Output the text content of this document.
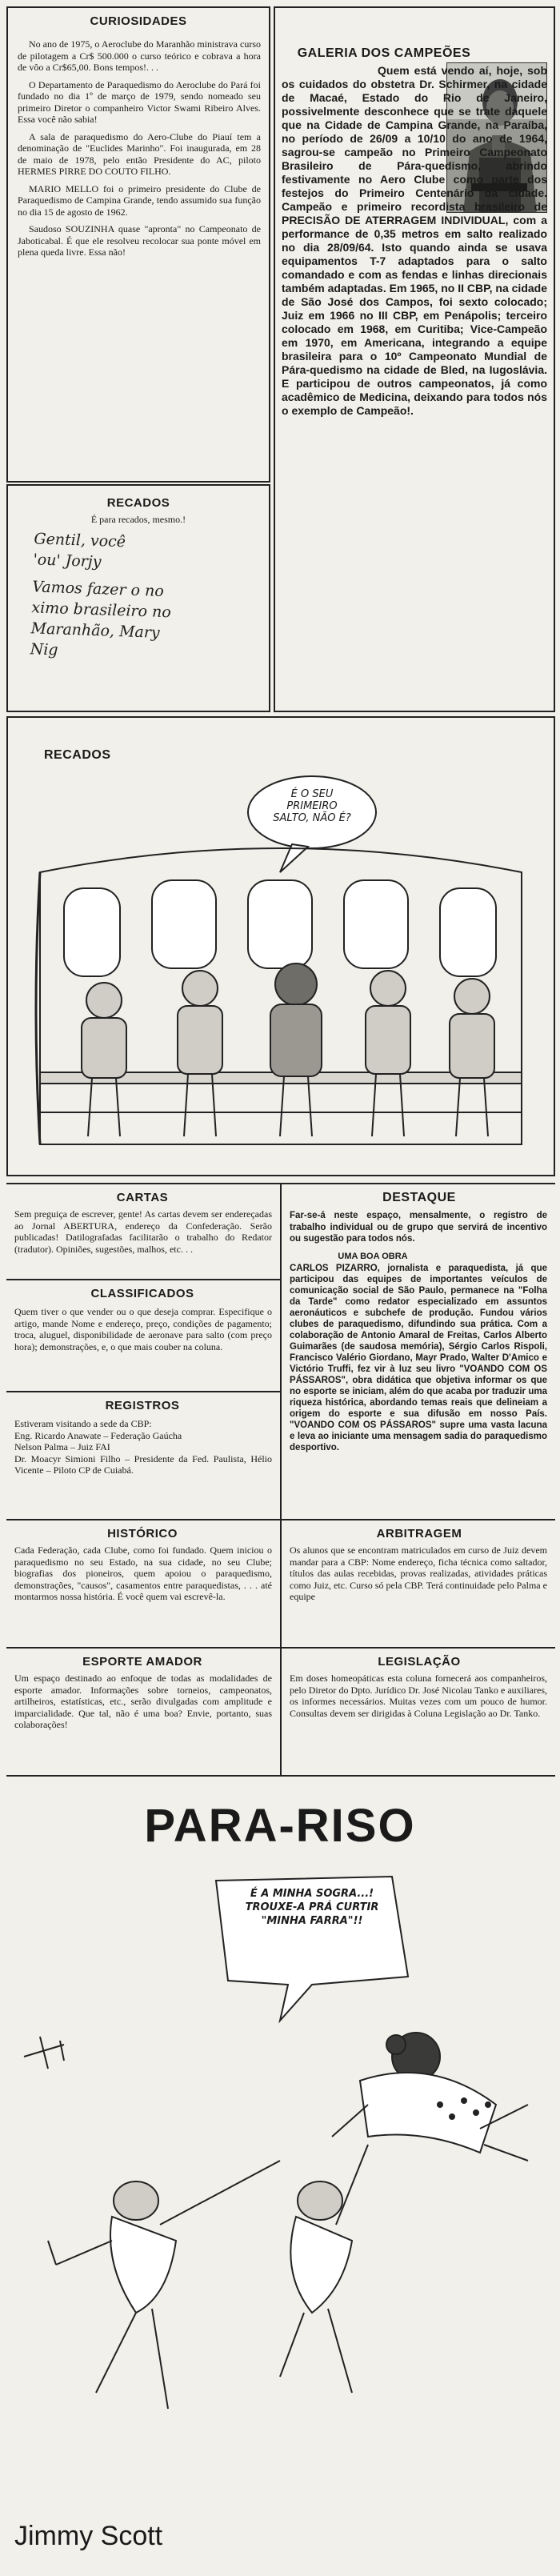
CURIOSIDADES

No ano de 1975, o Aeroclube do Maranhão ministrava curso de pilotagem a Cr$ 500.000 o curso teórico e cobrava a hora de vôo a Cr$65,00. Bons tempos!. . .

O Departamento de Paraquedismo do Aeroclube do Pará foi fundado no dia 1º de março de 1979, sendo nomeado seu primeiro Diretor o companheiro Victor Swami Ribeiro Alves. Essa você não sabia!

A sala de paraquedismo do Aero-Clube do Piauí tem a denominação de "Euclides Marinho". Foi inaugurada, em 28 de maio de 1978, pelo então Presidente do AC, piloto HERMES PIRRE DO COUTO FILHO.

MARIO MELLO foi o primeiro presidente do Clube de Paraquedismo de Campina Grande, tendo assumido sua função no dia 15 de agosto de 1962.

Saudoso SOUZINHA quase "apronta" no Campeonato de Jaboticabal. É que ele resolveu recolocar sua ponte móvel em plena queda livre. Essa não!

RECADOS
É para recados, mesmo.!
Gentil, você
'ou' Jorjy
Vamos fazer o no
ximo brasileiro no
Maranhão, Mary
Nig
GALERIA DOS CAMPEÕES
Quem está vendo aí, hoje, sob os cuidados do obstetra Dr. Schirmer, na cidade de Macaé, Estado do Rio de Janeiro, possivelmente desconhece que se trate daquele que na Cidade de Campina Grande, na Paraíba, no período de 26/09 a 10/10 do ano de 1964, sagrou-se campeão no Primeiro Campeonato Brasileiro de Pára-quedismo, abrindo festivamente no Aero Clube como parte dos festejos do Primeiro Centenário da cidade. Campeão e primeiro recordista brasileiro de PRECISÃO DE ATERRAGEM INDIVIDUAL, com a performance de 0,35 metros em salto realizado no dia 28/09/64. Isto quando ainda se usava equipamentos T-7 adaptados para o salto comandado e com as fendas e linhas direcionais também adaptadas. Em 1965, no II CBP, na cidade de São José dos Campos, foi sexto colocado; Juiz em 1966 no III CBP, em Penápolis; terceiro colocado em 1968, em Curitiba; Vice-Campeão em 1970, em Americana, integrando a equipe brasileira para o 10º Campeonato Mundial de Pára-quedismo na cidade de Bled, na Iugoslávia. E participou de outros campeonatos, já como acadêmico de Medicina, deixando para todos nós o exemplo de Campeão!.
RECADOS
É O SEU PRIMEIRO SALTO, NÃO É?
CARTAS
Sem preguiça de escrever, gente! As cartas devem ser endereçadas ao Jornal ABERTURA, endereço da Confederação. Serão publicadas! Datilografadas facilitarão o trabalho do Redator (tradutor). Opiniões, sugestões, malhos, etc. . .
CLASSIFICADOS
Quem tiver o que vender ou o que deseja comprar. Especifique o artigo, mande Nome e endereço, preço, condições de pagamento; troca, aluguel, disponibilidade de aeronave para salto (com preço hora); demonstrações, e, o que mais couber na coluna.
REGISTROS
Estiveram visitando a sede da CBP:
Eng. Ricardo Anawate – Federação Gaúcha
Nelson Palma – Juiz FAI
Dr. Moacyr Simioni Filho – Presidente da Fed. Paulista, Hélio Vicente – Piloto CP de Cuiabá.
DESTAQUE
Far-se-á neste espaço, mensalmente, o registro de trabalho individual ou de grupo que servirá de incentivo ou sugestão para todos nós.
UMA BOA OBRA
CARLOS PIZARRO, jornalista e paraquedista, já que participou das equipes de importantes veículos de comunicação social de São Paulo, permanece na "Folha da Tarde" como redator especializado em assuntos aeronáuticos e subchefe de produção. Fundou vários clubes de paraquedismo, difundindo sua prática. Com a colaboração de Antonio Amaral de Freitas, Carlos Alberto Guimarães (de saudosa memória), Sérgio Carlos Rispoli, Francisco Valério Giordano, Mayr Prado, Walter D'Amico e Victório Truffi, fez vir à luz seu livro "VOANDO COM OS PÁSSAROS", obra didática que objetiva informar os que no esporte se iniciam, além do que acaba por traduzir uma riqueza histórica, abordando temas reais que delineiam a origem do esporte e sua difusão em nosso País. "VOANDO COM OS PÁSSAROS" supre uma vasta lacuna e leva ao iniciante uma mensagem sadia do paraquedismo desportivo.
HISTÓRICO
Cada Federação, cada Clube, como foi fundado. Quem iniciou o paraquedismo no seu Estado, na sua cidade, no seu Clube; biografias dos pioneiros, quem apoiou o paraquedismo, demonstrações, "causos", casamentos entre paraquedistas, . . . até montarmos nossa história. É você quem vai escrevê-la.
ARBITRAGEM
Os alunos que se encontram matriculados em curso de Juiz devem mandar para a CBP: Nome endereço, ficha técnica como saltador, títulos das aulas recebidas, provas realizadas, atividades práticas como Juiz, etc. Curso só pela CBP. Terá continuidade pelo Palma e equipe
ESPORTE AMADOR
Um espaço destinado ao enfoque de todas as modalidades de esporte amador. Informações sobre torneios, campeonatos, artilheiros, estatísticas, etc., serão divulgadas com amplitude e imparcialidade. Que tal, não é uma boa? Envie, portanto, suas colaborações!
LEGISLAÇÃO
Em doses homeopáticas esta coluna fornecerá aos companheiros, pelo Diretor do Dpto. Jurídico Dr. José Nicolau Tanko e auxiliares, os informes necessários. Muitas vezes com um pouco de humor. Consultas devem ser dirigidas à Coluna Legislação ao Dr. Tanko.
PARA-RISO
É A MINHA SOGRA...! TROUXE-A PRÁ CURTIR "MINHA FARRA"!!
Jimmy Scott
